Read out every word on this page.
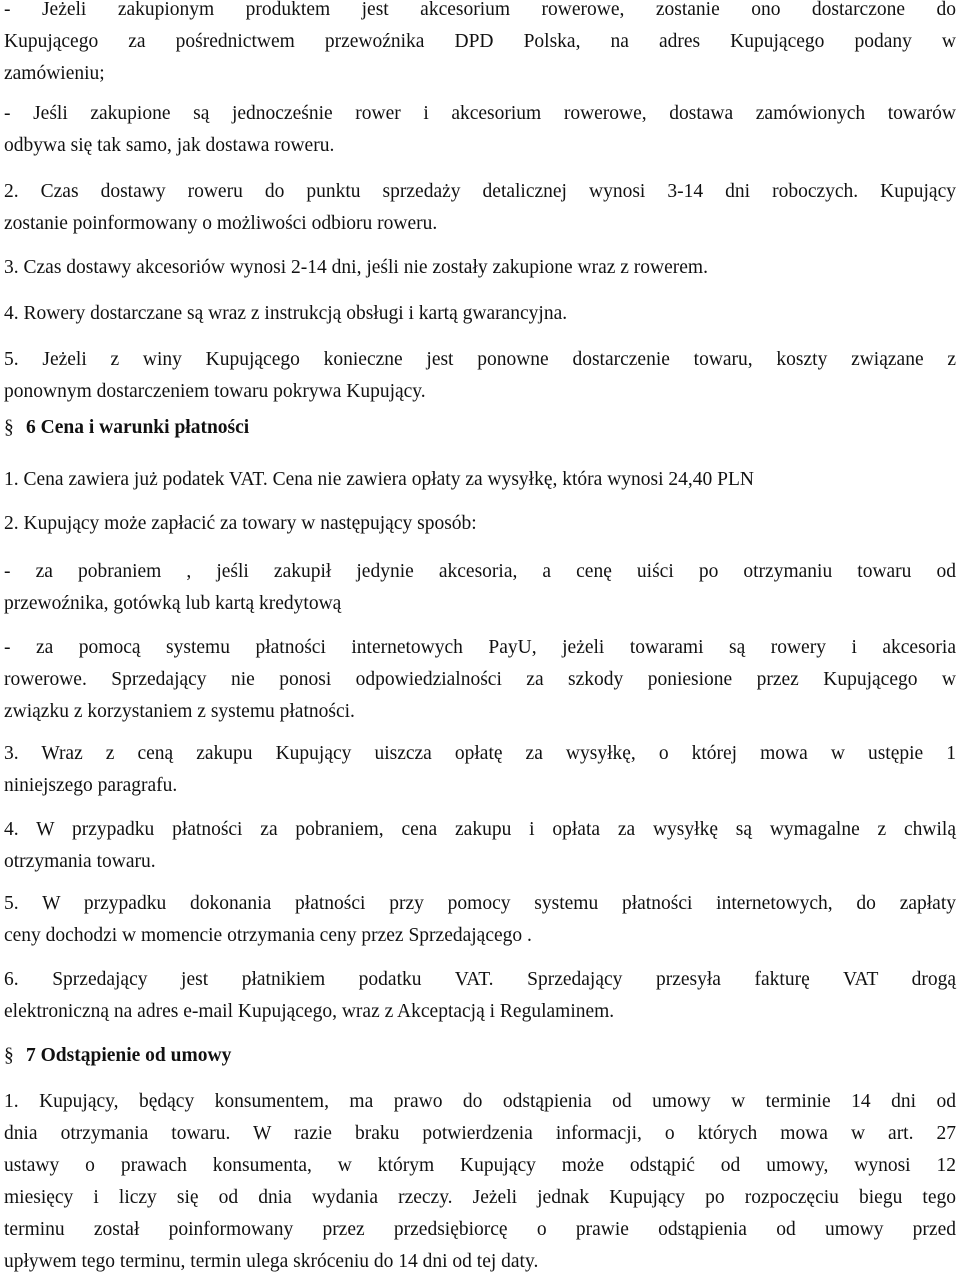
- Jeżeli zakupionym produktem jest akcesorium rowerowe, zostanie ono dostarczone do
Kupującego za pośrednictwem przewoźnika DPD Polska, na adres Kupującego podany w
zamówieniu;
- Jeśli zakupione są jednocześnie rower i akcesorium rowerowe, dostawa zamówionych towarów
odbywa się tak samo, jak dostawa roweru.
2. Czas dostawy roweru do punktu sprzedaży detalicznej wynosi 3-14 dni roboczych. Kupujący
zostanie poinformowany o możliwości odbioru roweru.
3. Czas dostawy akcesoriów wynosi 2-14 dni, jeśli nie zostały zakupione wraz z rowerem.
4. Rowery dostarczane są wraz z instrukcją obsługi i kartą gwarancyjna.
5. Jeżeli z winy Kupującego konieczne jest ponowne dostarczenie towaru, koszty związane z
ponownym dostarczeniem towaru pokrywa Kupujący.
§ 6 Cena i warunki płatności
1. Cena zawiera już podatek VAT. Cena nie zawiera opłaty za wysyłkę, która wynosi 24,40 PLN
2. Kupujący może zapłacić za towary w następujący sposób:
- za pobraniem , jeśli zakupił jedynie akcesoria, a cenę uiści po otrzymaniu towaru od
przewoźnika, gotówką lub kartą kredytową
- za pomocą systemu płatności internetowych PayU, jeżeli towarami są rowery i akcesoria
rowerowe. Sprzedający nie ponosi odpowiedzialności za szkody poniesione przez Kupującego w
związku z korzystaniem z systemu płatności.
3. Wraz z ceną zakupu Kupujący uiszcza opłatę za wysyłkę, o której mowa w ustępie 1
niniejszego paragrafu.
4. W przypadku płatności za pobraniem, cena zakupu i opłata za wysyłkę są wymagalne z chwilą
otrzymania towaru.
5. W przypadku dokonania płatności przy pomocy systemu płatności internetowych, do zapłaty
ceny dochodzi w momencie otrzymania ceny przez Sprzedającego .
6. Sprzedający jest płatnikiem podatku VAT. Sprzedający przesyła fakturę VAT drogą
elektroniczną na adres e-mail Kupującego, wraz z Akceptacją i Regulaminem.
§ 7 Odstąpienie od umowy
1. Kupujący, będący konsumentem, ma prawo do odstąpienia od umowy w terminie 14 dni od
dnia otrzymania towaru. W razie braku potwierdzenia informacji, o których mowa w art. 27
ustawy o prawach konsumenta, w którym Kupujący może odstąpić od umowy, wynosi 12
miesięcy i liczy się od dnia wydania rzeczy. Jeżeli jednak Kupujący po rozpoczęciu biegu tego
terminu został poinformowany przez przedsiębiorcę o prawie odstąpienia od umowy przed
upływem tego terminu, termin ulega skróceniu do 14 dni od tej daty.
